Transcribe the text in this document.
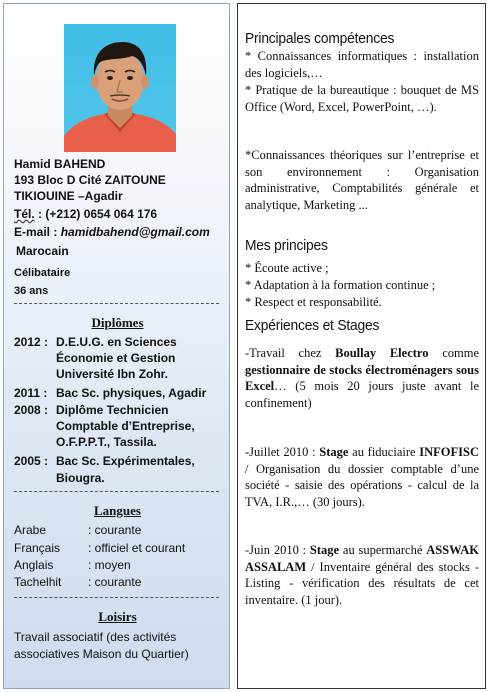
Hamid BAHEND
193 Bloc D Cité ZAITOUNE
TIKIOUINE –Agadir
Tél. : (+212) 0654 064 176
E-mail : hamidbahend@gmail.com
Marocain
Célibataire
36 ans
Diplômes
2012 : D.E.U.G. en Sciences
Économie et Gestion
Université Ibn Zohr.
2011 : Bac Sc. physiques, Agadir
2008 : Diplôme Technicien
Comptable d’Entreprise,
O.F.P.P.T., Tassila.
2005 : Bac Sc. Expérimentales,
Biougra.
Langues
Arabe	: courante
Français : officiel et courant
Anglais	: moyen
Tachelhit : courante
Loisirs
Travail associatif (des activités
associatives Maison du Quartier)
Principales compétences
* Connaissances informatiques : installation des logiciels,…
* Pratique de la bureautique : bouquet de MS Office (Word, Excel, PowerPoint, …).
*Connaissances théoriques sur l’entreprise et son environnement : Organisation administrative, Comptabilités générale et analytique, Marketing ...
Mes principes
* Écoute active ;
* Adaptation à la formation continue ;
* Respect et responsabilité.
Expériences et Stages
-Travail chez Boullay Electro comme gestionnaire de stocks électroménagers sous Excel… (5 mois 20 jours juste avant le confinement)
-Juillet 2010 : Stage au fiduciaire INFOFISC / Organisation du dossier comptable d’une société - saisie des opérations - calcul de la TVA, I.R.,… (30 jours).
-Juin 2010 : Stage au supermarché ASSWAK ASSALAM / Inventaire général des stocks - Listing - vérification des résultats de cet inventaire. (1 jour).
